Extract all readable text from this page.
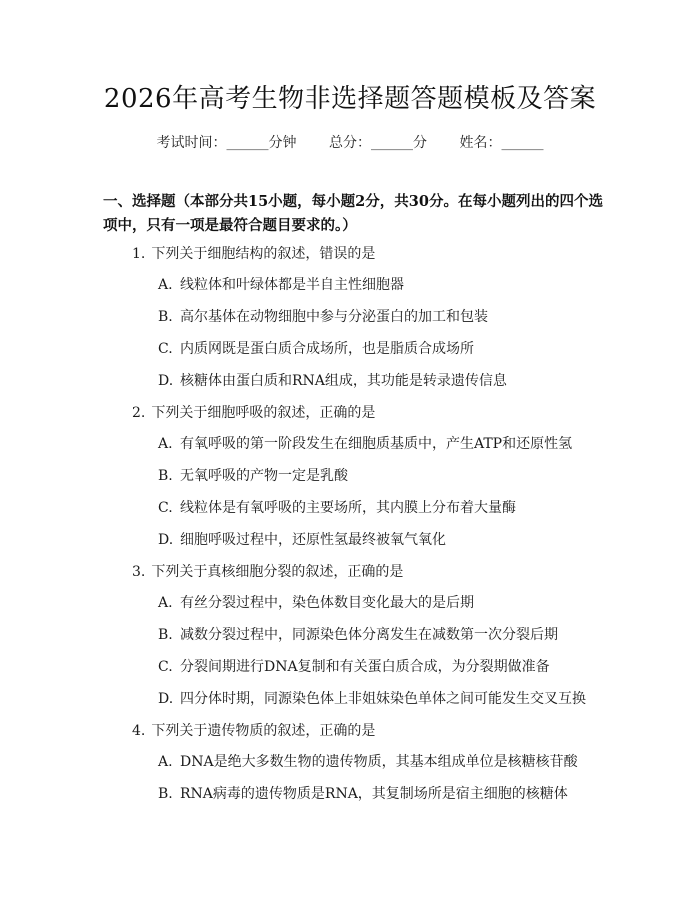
2026年高考生物非选择题答题模板及答案
考试时间：______分钟 总分：______分 姓名：______
一、选择题（本部分共15小题，每小题2分，共30分。在每小题列出的四个选项中，只有一项是最符合题目要求的。）
1. 下列关于细胞结构的叙述，错误的是
A. 线粒体和叶绿体都是半自主性细胞器
B. 高尔基体在动物细胞中参与分泌蛋白的加工和包装
C. 内质网既是蛋白质合成场所，也是脂质合成场所
D. 核糖体由蛋白质和RNA组成，其功能是转录遗传信息
2. 下列关于细胞呼吸的叙述，正确的是
A. 有氧呼吸的第一阶段发生在细胞质基质中，产生ATP和还原性氢
B. 无氧呼吸的产物一定是乳酸
C. 线粒体是有氧呼吸的主要场所，其内膜上分布着大量酶
D. 细胞呼吸过程中，还原性氢最终被氧气氧化
3. 下列关于真核细胞分裂的叙述，正确的是
A. 有丝分裂过程中，染色体数目变化最大的是后期
B. 减数分裂过程中，同源染色体分离发生在减数第一次分裂后期
C. 分裂间期进行DNA复制和有关蛋白质合成，为分裂期做准备
D. 四分体时期，同源染色体上非姐妹染色单体之间可能发生交叉互换
4. 下列关于遗传物质的叙述，正确的是
A. DNA是绝大多数生物的遗传物质，其基本组成单位是核糖核苷酸
B. RNA病毒的遗传物质是RNA，其复制场所是宿主细胞的核糖体
